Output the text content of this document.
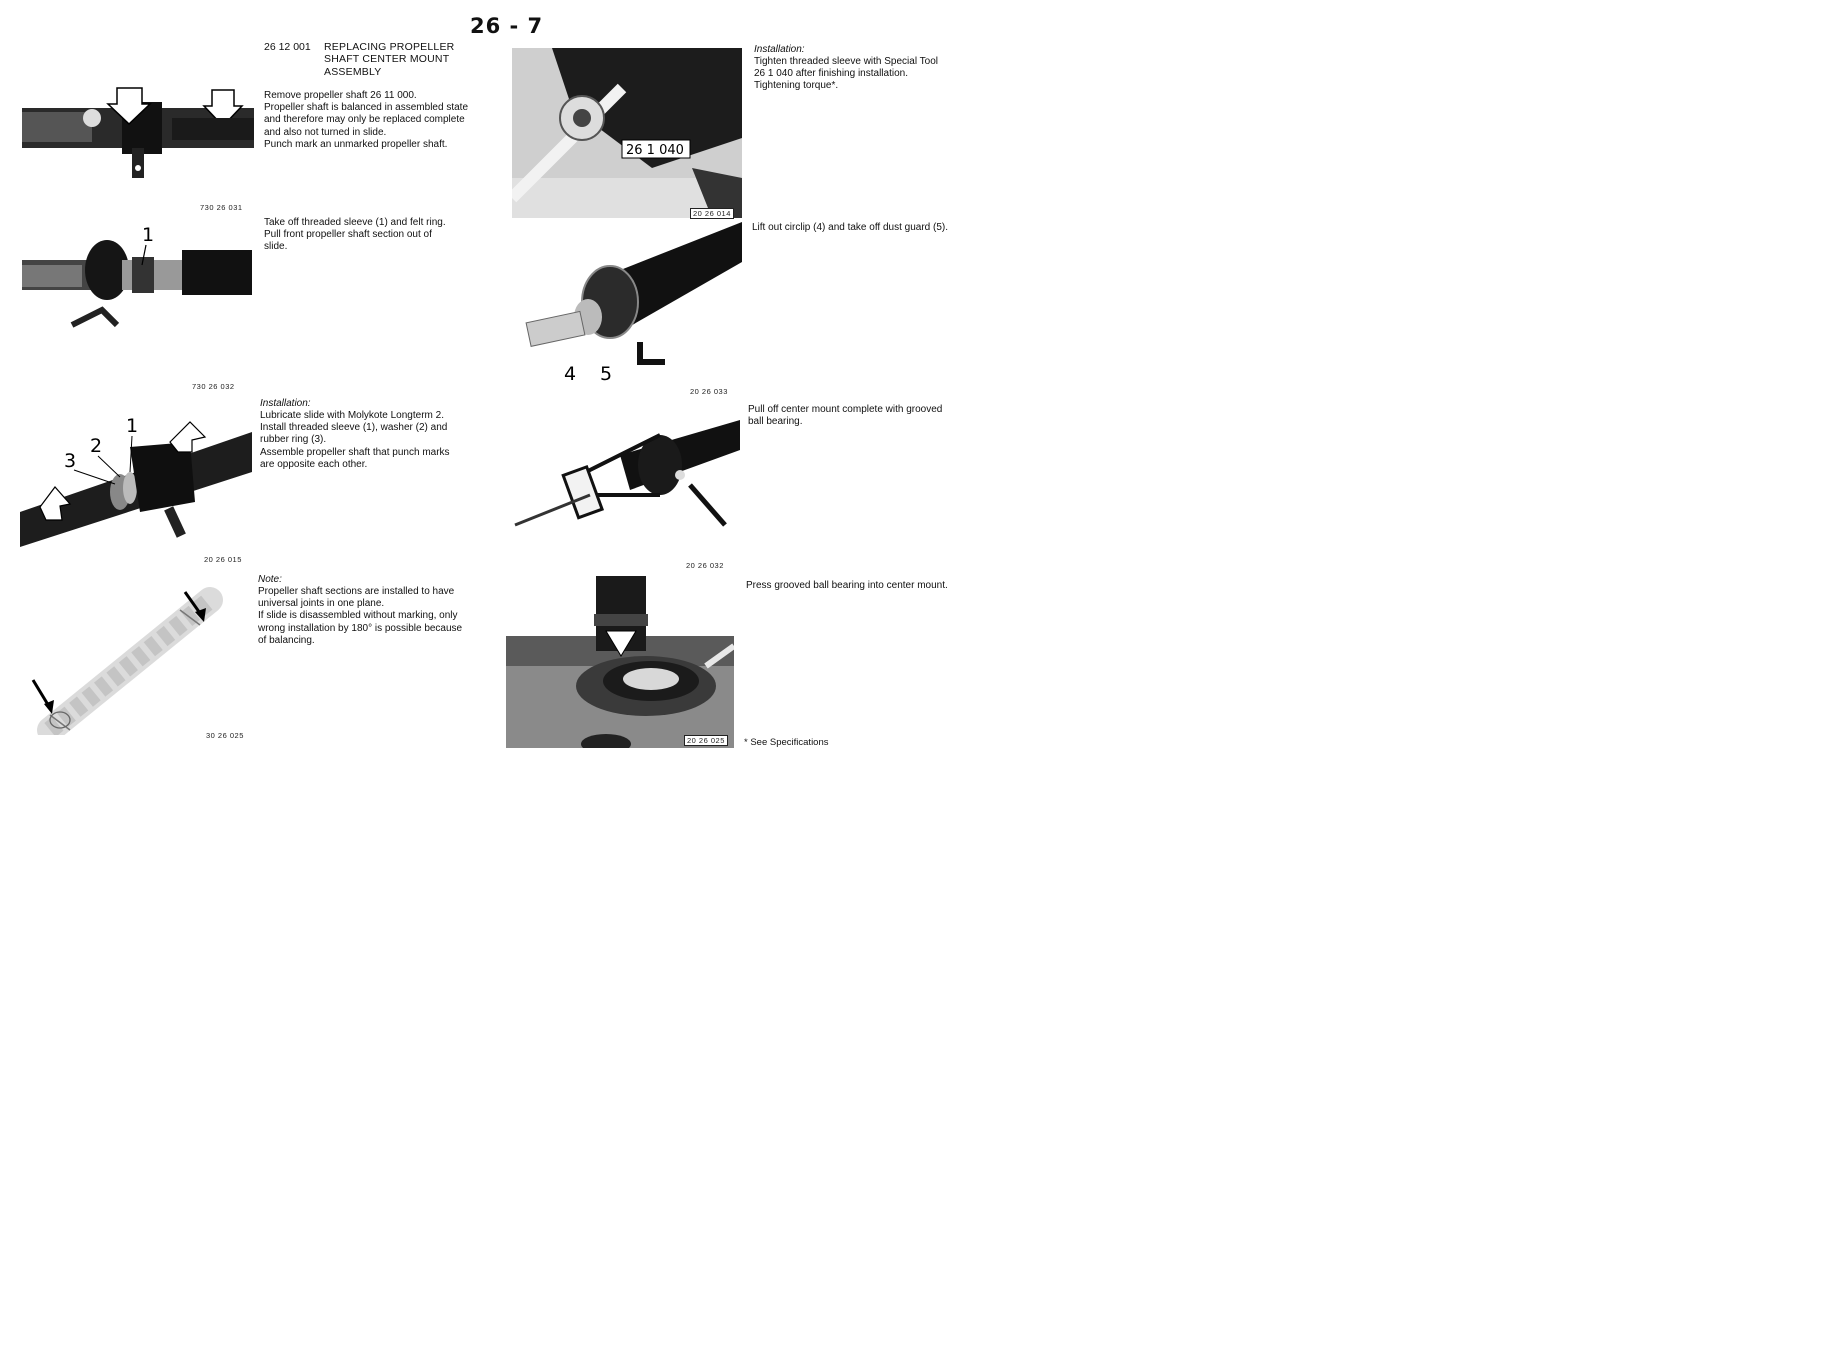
26 - 7
26 12 001 REPLACING PROPELLER
SHAFT CENTER MOUNT
ASSEMBLY
Remove propeller shaft 26 11 000.
Propeller shaft is balanced in assembled state
and therefore may only be replaced complete
and also not turned in slide.
Punch mark an unmarked propeller shaft.
730 26 031
1
Take off threaded sleeve (1) and felt ring.
Pull front propeller shaft section out of
slide.
730 26 032
1
2
3
Installation:
Lubricate slide with Molykote Longterm 2.
Install threaded sleeve (1), washer (2) and
rubber ring (3).
Assemble propeller shaft that punch marks
are opposite each other.
20 26 015
Note:
Propeller shaft sections are installed to have
universal joints in one plane.
If slide is disassembled without marking, only
wrong installation by 180° is possible because
of balancing.
30 26 025
26 1 040
20 26 014
Installation:
Tighten threaded sleeve with Special Tool
26 1 040 after finishing installation.
Tightening torque*.
4 5
Lift out circlip (4) and take off dust guard (5).
20 26 033
Pull off center mount complete with grooved
ball bearing.
20 26 032
Press grooved ball bearing into center mount.
20 26 025	* See Specifications
